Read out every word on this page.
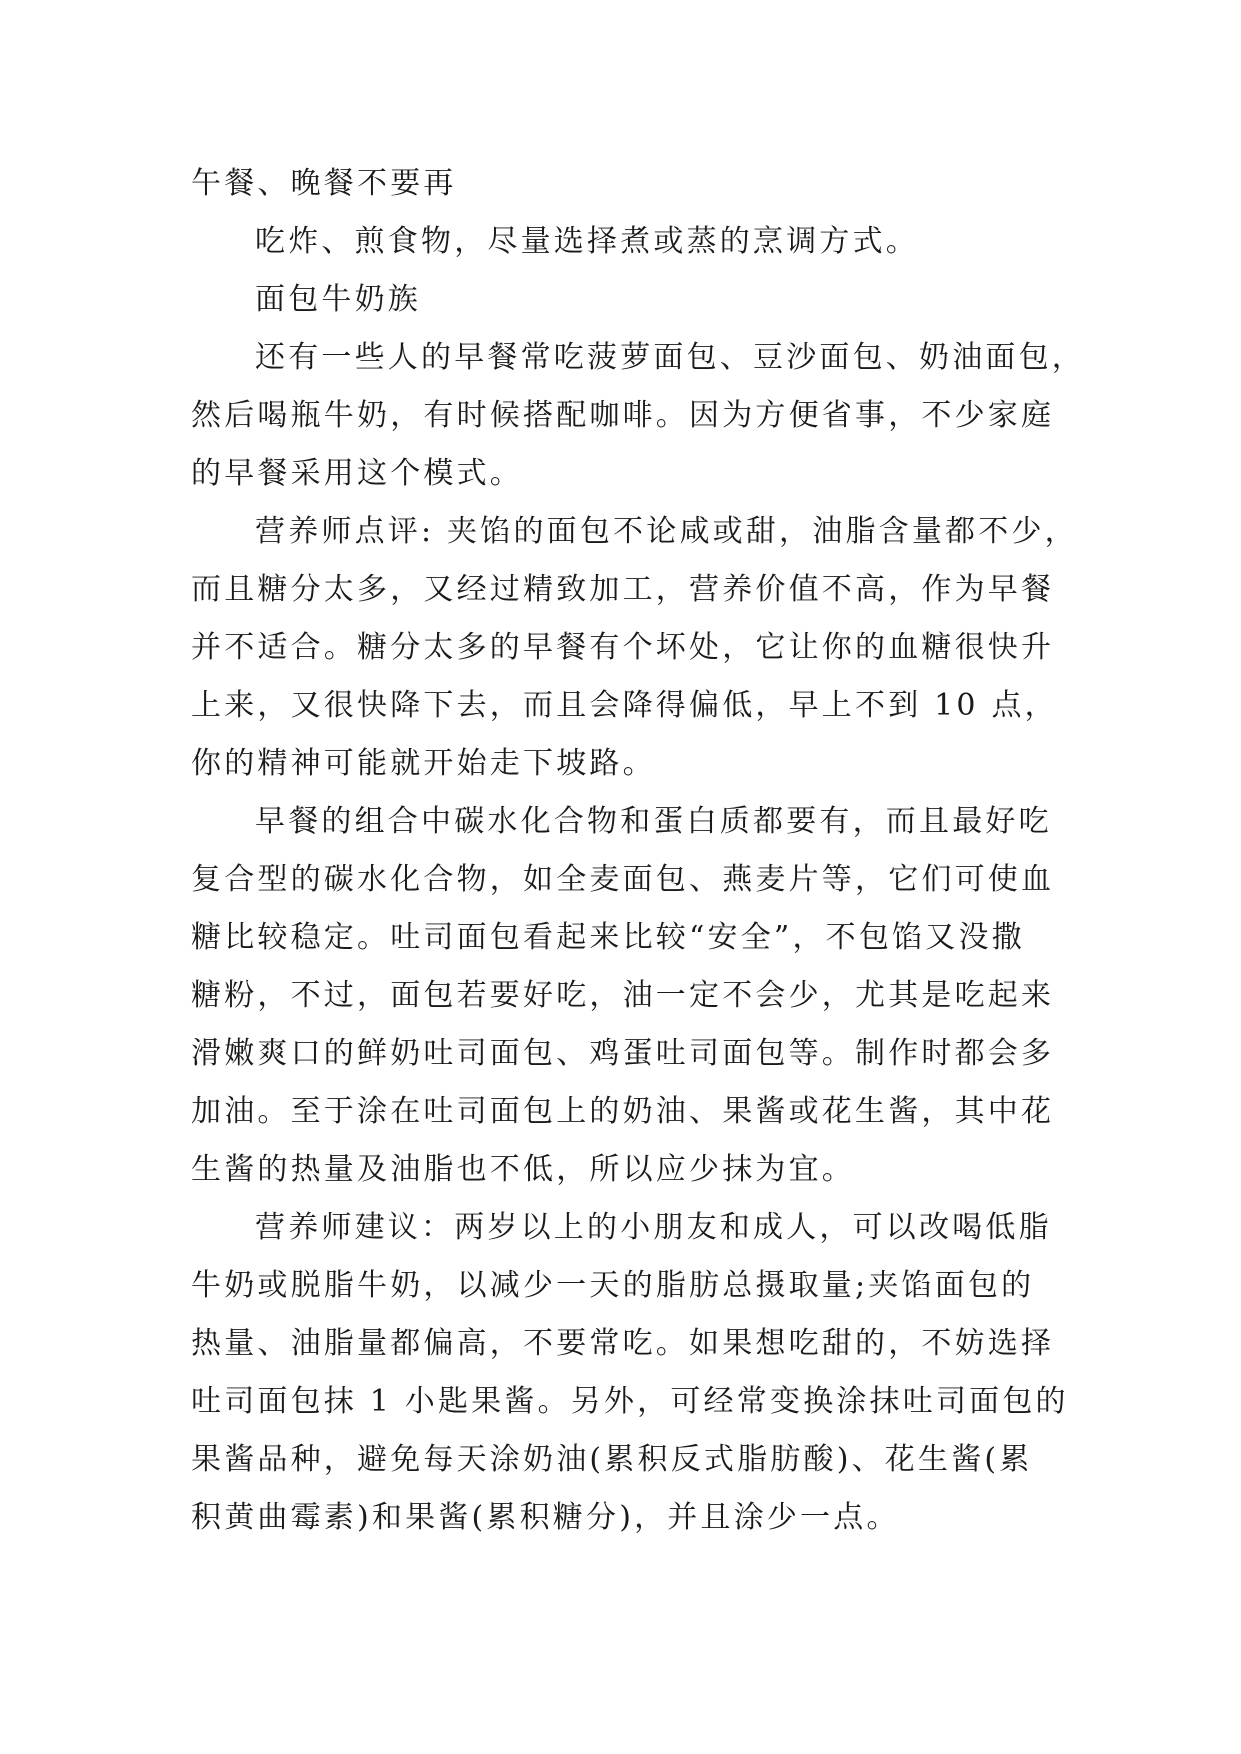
午餐、晚餐不要再

吃炸、煎食物，尽量选择煮或蒸的烹调方式。

面包牛奶族

还有一些人的早餐常吃菠萝面包、豆沙面包、奶油面包，

然后喝瓶牛奶，有时候搭配咖啡。因为方便省事，不少家庭

的早餐采用这个模式。

营养师点评: 夹馅的面包不论咸或甜，油脂含量都不少，

而且糖分太多，又经过精致加工，营养价值不高，作为早餐

并不适合。糖分太多的早餐有个坏处，它让你的血糖很快升

上来，又很快降下去，而且会降得偏低，早上不到 10 点，

你的精神可能就开始走下坡路。

早餐的组合中碳水化合物和蛋白质都要有，而且最好吃

复合型的碳水化合物，如全麦面包、燕麦片等，它们可使血

糖比较稳定。吐司面包看起来比较“安全”，不包馅又没撒

糖粉，不过，面包若要好吃，油一定不会少，尤其是吃起来

滑嫩爽口的鲜奶吐司面包、鸡蛋吐司面包等。制作时都会多

加油。至于涂在吐司面包上的奶油、果酱或花生酱，其中花

生酱的热量及油脂也不低，所以应少抹为宜。

营养师建议：两岁以上的小朋友和成人，可以改喝低脂

牛奶或脱脂牛奶，以减少一天的脂肪总摄取量;夹馅面包的

热量、油脂量都偏高，不要常吃。如果想吃甜的，不妨选择

吐司面包抹 1 小匙果酱。另外，可经常变换涂抹吐司面包的

果酱品种，避免每天涂奶油(累积反式脂肪酸)、花生酱(累

积黄曲霉素)和果酱(累积糖分)，并且涂少一点。
